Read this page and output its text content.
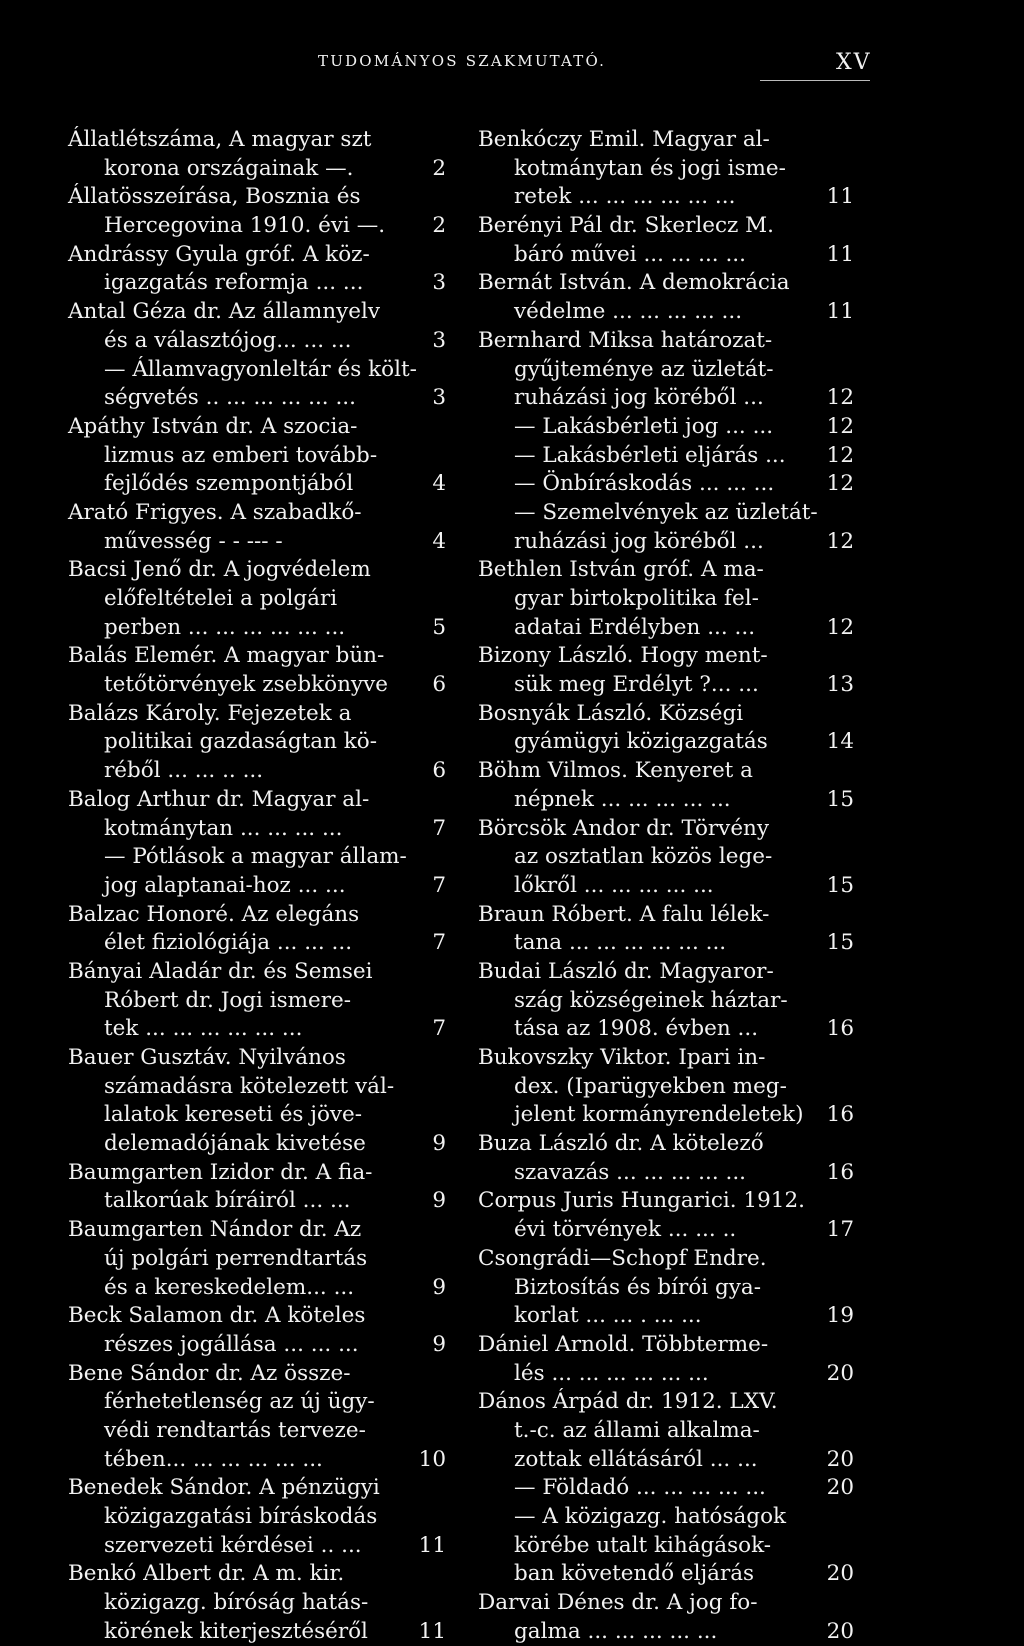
TUDOMÁNYOS SZAKMUTATÓ.	XV
Állatlétszáma, A magyar szt
korona országainak —.	2
Állatösszeírása, Bosznia és
Hercegovina 1910. évi —. 2
Andrássy Gyula gróf. A köz-
igazgatás reformja ... ...	3
Antal Géza dr. Az államnyelv
és a választójog... ... ...	3
— Államvagyonleltár és költ-
ségvetés .. ... ... ... ... ...	3
Apáthy István dr. A szocia-
lizmus az emberi tovább-
fejlődés szempontjából	4
Arató Frigyes. A szabadkő-
művesség - - --- -	4
Bacsi Jenő dr. A jogvédelem
előfeltételei a polgári
perben ... ... ... ... ... ...	5
Balás Elemér. A magyar bün-
tetőtörvények zsebkönyve 6
Balázs Károly. Fejezetek a
politikai gazdaságtan kö-
réből ... ... .. ...	6
Balog Arthur dr. Magyar al-
kotmánytan ... ... ... ...	7
— Pótlások a magyar állam-
jog alaptanai-hoz ... ...	7
Balzac Honoré. Az elegáns
élet fiziológiája ... ... ...	7
Bányai Aladár dr. és Semsei
Róbert dr. Jogi ismere-
tek ... ... ... ... ... ...	7
Bauer Gusztáv. Nyilvános
számadásra kötelezett vál-
lalatok kereseti és jöve-
delemadójának kivetése	9
Baumgarten Izidor dr. A fia-
talkorúak bíráiról ... ...	9
Baumgarten Nándor dr. Az
új polgári perrendtartás
és a kereskedelem... ...	9
Beck Salamon dr. A köteles
részes jogállása ... ... ...	9
Bene Sándor dr. Az össze-
férhetetlenség az új ügy-
védi rendtartás terveze-
tében... ... ... ... ... ...	10
Benedek Sándor. A pénzügyi
közigazgatási bíráskodás
szervezeti kérdései .. ...	11
Benkó Albert dr. A m. kir.
közigazg. bíróság hatás-
körének kiterjesztéséről 11
Benkóczy Emil. Magyar al-
kotmánytan és jogi isme-
retek ... ... ... ... ... ...	11
Berényi Pál dr. Skerlecz M.
báró művei ... ... ... ...	11
Bernát István. A demokrácia
védelme ... ... ... ... ...	11
Bernhard Miksa határozat-
gyűjteménye az üzletát-
ruházási jog köréből ...	12
— Lakásbérleti jog ... ... 12
— Lakásbérleti eljárás ... 12
— Önbíráskodás ... ... ... 12
— Szemelvények az üzletát-
ruházási jog köréből ...	12
Bethlen István gróf. A ma-
gyar birtokpolitika fel-
adatai Erdélyben ... ...	12
Bizony László. Hogy ment-
sük meg Erdélyt ?... ...	13
Bosnyák László. Községi
gyámügyi közigazgatás	14
Böhm Vilmos. Kenyeret a
népnek ... ... ... ... ...	15
Börcsök Andor dr. Törvény
az osztatlan közös lege-
lőkről ... ... ... ... ...	15
Braun Róbert. A falu lélek-
tana ... ... ... ... ... ...	15
Budai László dr. Magyaror-
szág községeinek háztar-
tása az 1908. évben ...	16
Bukovszky Viktor. Ipari in-
dex. (Iparügyekben meg-
jelent kormányrendeletek) 16
Buza László dr. A kötelező
szavazás ... ... ... ... ...	16
Corpus Juris Hungarici. 1912.
évi törvények ... ... ..	17
Csongrádi—Schopf Endre.
Biztosítás és bírói gya-
korlat ... ... . ... ...	19
Dániel Arnold. Többterme-
lés ... ... ... ... ... ...	20
Dános Árpád dr. 1912. LXV.
t.-c. az állami alkalma-
zottak ellátásáról ... ...	20
— Földadó ... ... ... ... ...	20
— A közigazg. hatóságok
körébe utalt kihágások-
ban követendő eljárás	20
Darvai Dénes dr. A jog fo-
galma ... ... ... ... ...	20
